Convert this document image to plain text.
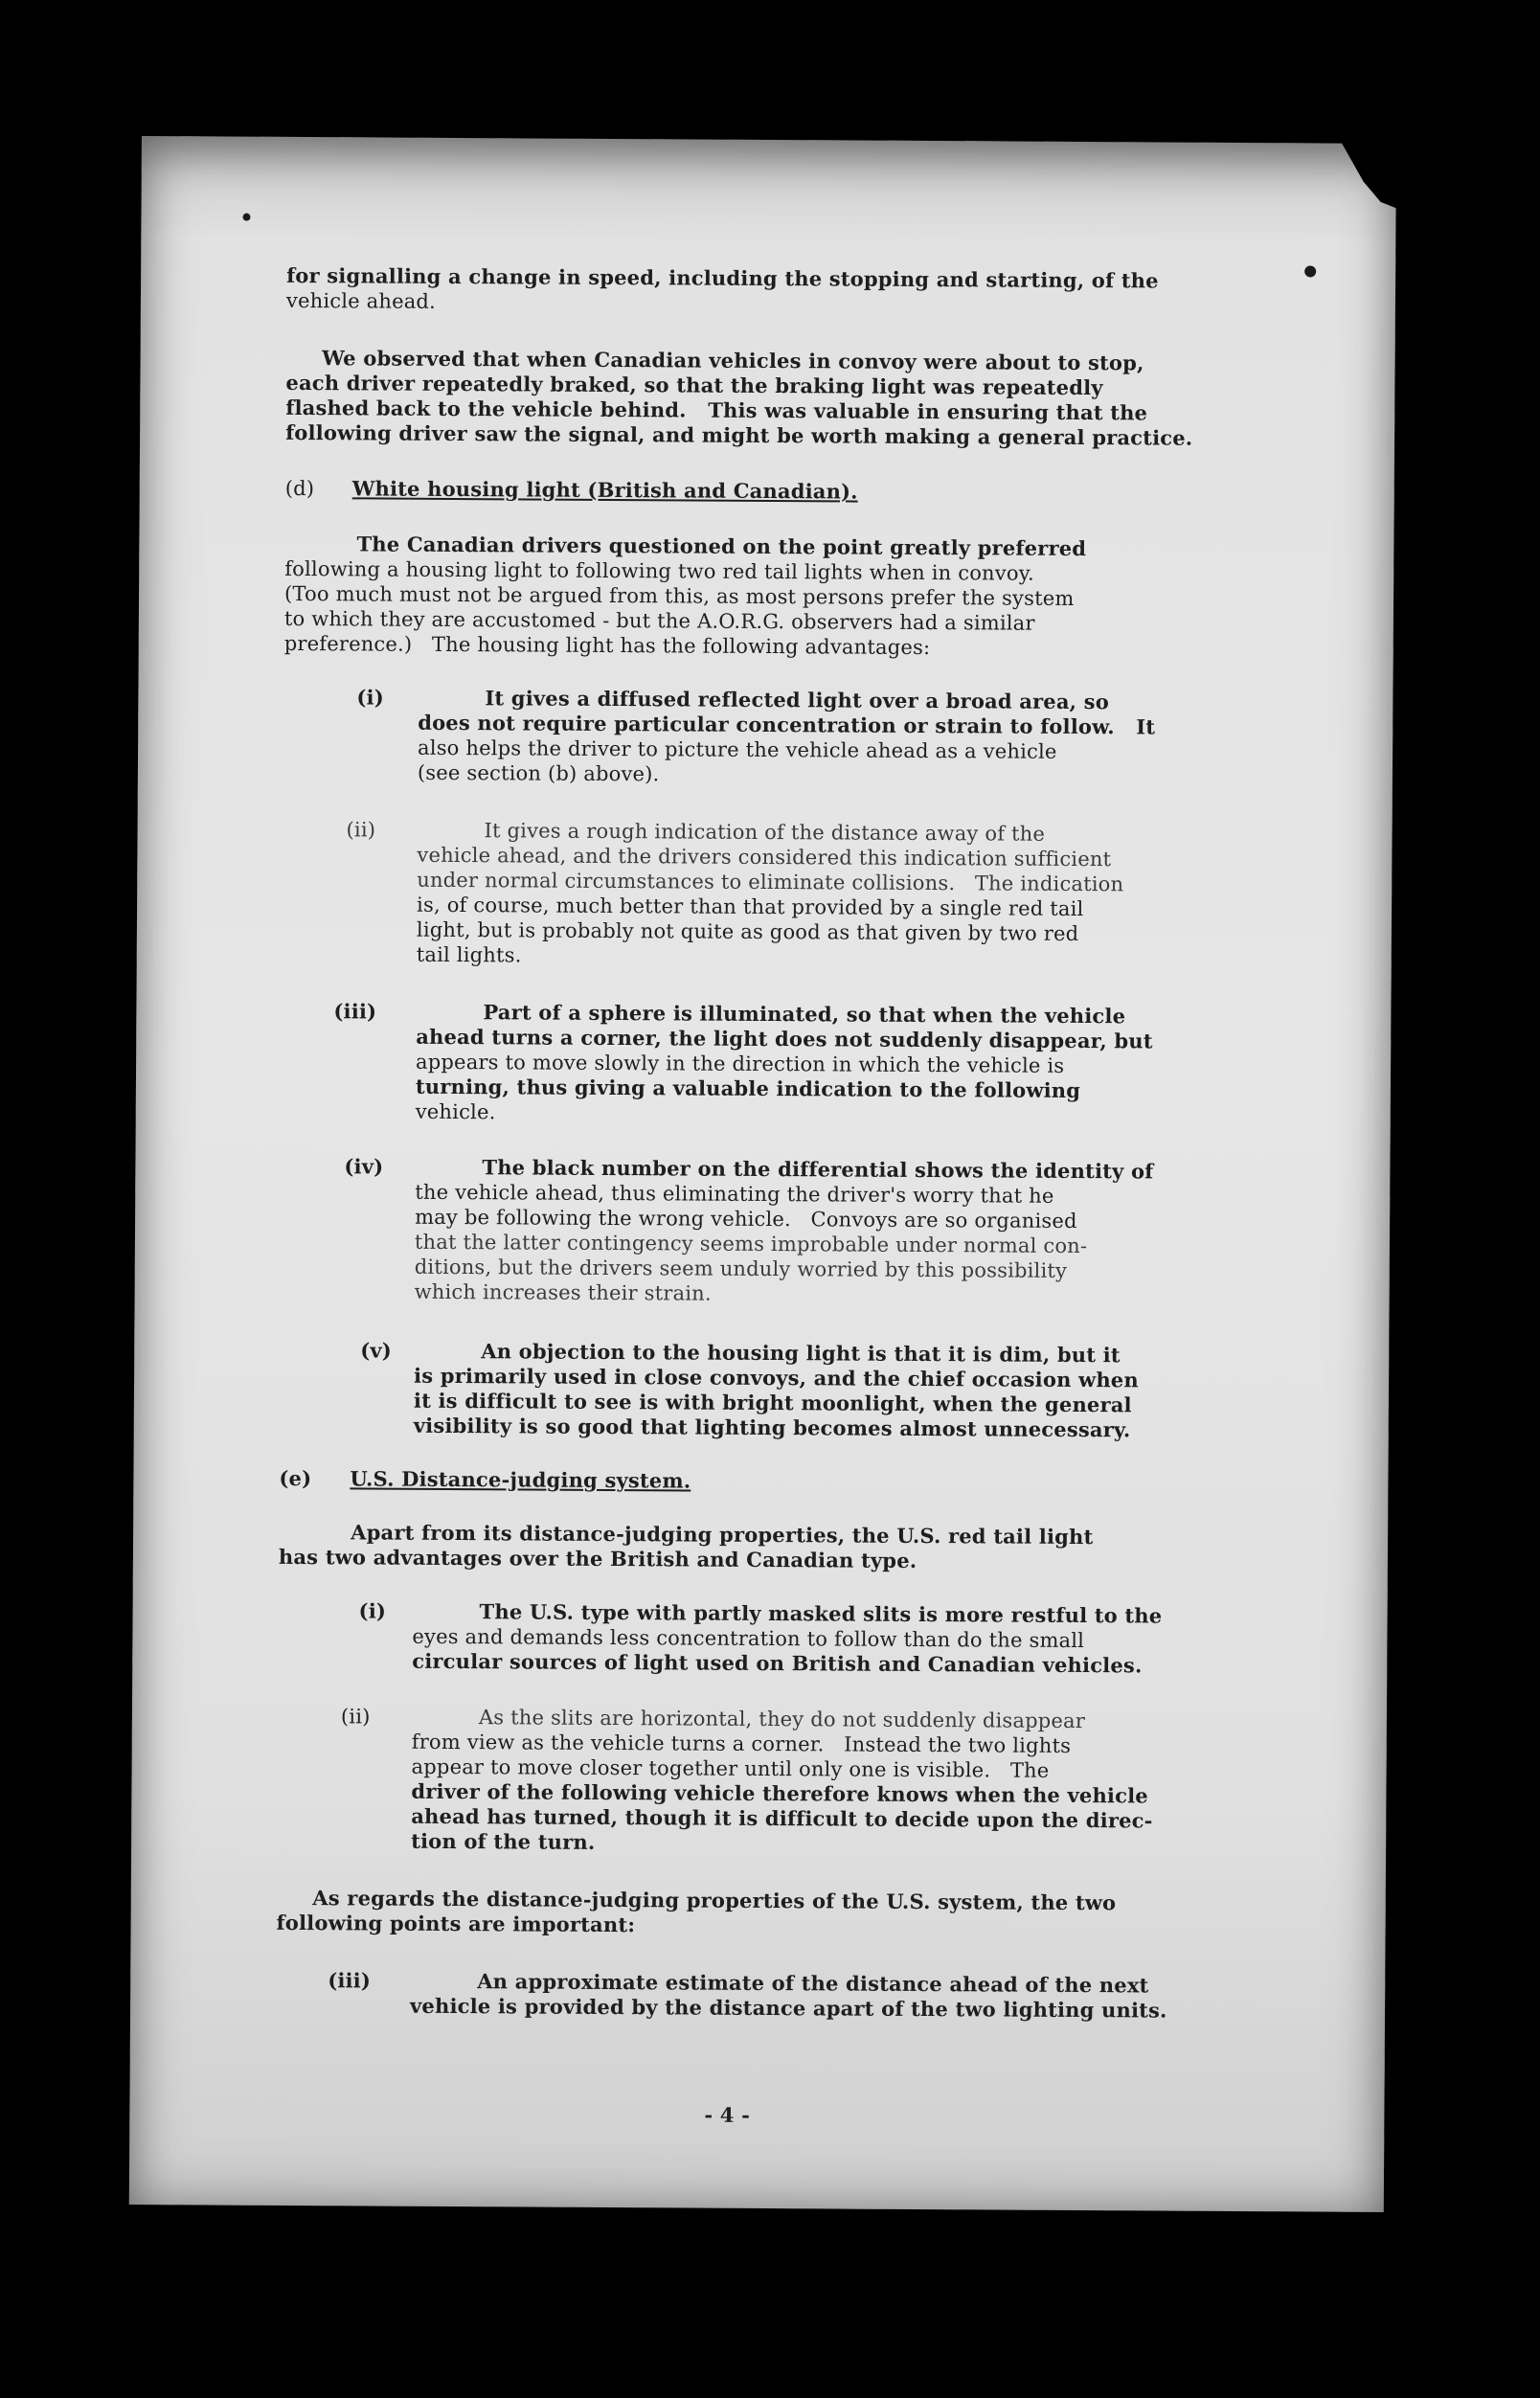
for signalling a change in speed, including the stopping and starting, of the
vehicle ahead.
We observed that when Canadian vehicles in convoy were about to stop,
each driver repeatedly braked, so that the braking light was repeatedly
flashed back to the vehicle behind.   This was valuable in ensuring that the
following driver saw the signal, and might be worth making a general practice.
(d) White housing light (British and Canadian).
The Canadian drivers questioned on the point greatly preferred
following a housing light to following two red tail lights when in convoy.
(Too much must not be argued from this, as most persons prefer the system
to which they are accustomed - but the A.O.R.G. observers had a similar
preference.)   The housing light has the following advantages:
(i)	It gives a diffused reflected light over a broad area, so
does not require particular concentration or strain to follow.   It
also helps the driver to picture the vehicle ahead as a vehicle
(see section (b) above).
(ii)	It gives a rough indication of the distance away of the
vehicle ahead, and the drivers considered this indication sufficient
under normal circumstances to eliminate collisions.   The indication
is, of course, much better than that provided by a single red tail
light, but is probably not quite as good as that given by two red
tail lights.
(iii)	Part of a sphere is illuminated, so that when the vehicle
ahead turns a corner, the light does not suddenly disappear, but
appears to move slowly in the direction in which the vehicle is
turning, thus giving a valuable indication to the following
vehicle.
(iv)	The black number on the differential shows the identity of
the vehicle ahead, thus eliminating the driver's worry that he
may be following the wrong vehicle.   Convoys are so organised
that the latter contingency seems improbable under normal con-
ditions, but the drivers seem unduly worried by this possibility
which increases their strain.
(v)	An objection to the housing light is that it is dim, but it
is primarily used in close convoys, and the chief occasion when
it is difficult to see is with bright moonlight, when the general
visibility is so good that lighting becomes almost unnecessary.
(e) U.S. Distance-judging system.
Apart from its distance-judging properties, the U.S. red tail light
has two advantages over the British and Canadian type.
(i)	The U.S. type with partly masked slits is more restful to the
eyes and demands less concentration to follow than do the small
circular sources of light used on British and Canadian vehicles.
(ii)	As the slits are horizontal, they do not suddenly disappear
from view as the vehicle turns a corner.   Instead the two lights
appear to move closer together until only one is visible.   The
driver of the following vehicle therefore knows when the vehicle
ahead has turned, though it is difficult to decide upon the direc-
tion of the turn.
As regards the distance-judging properties of the U.S. system, the two
following points are important:
(iii)	An approximate estimate of the distance ahead of the next
vehicle is provided by the distance apart of the two lighting units.
- 4 -
